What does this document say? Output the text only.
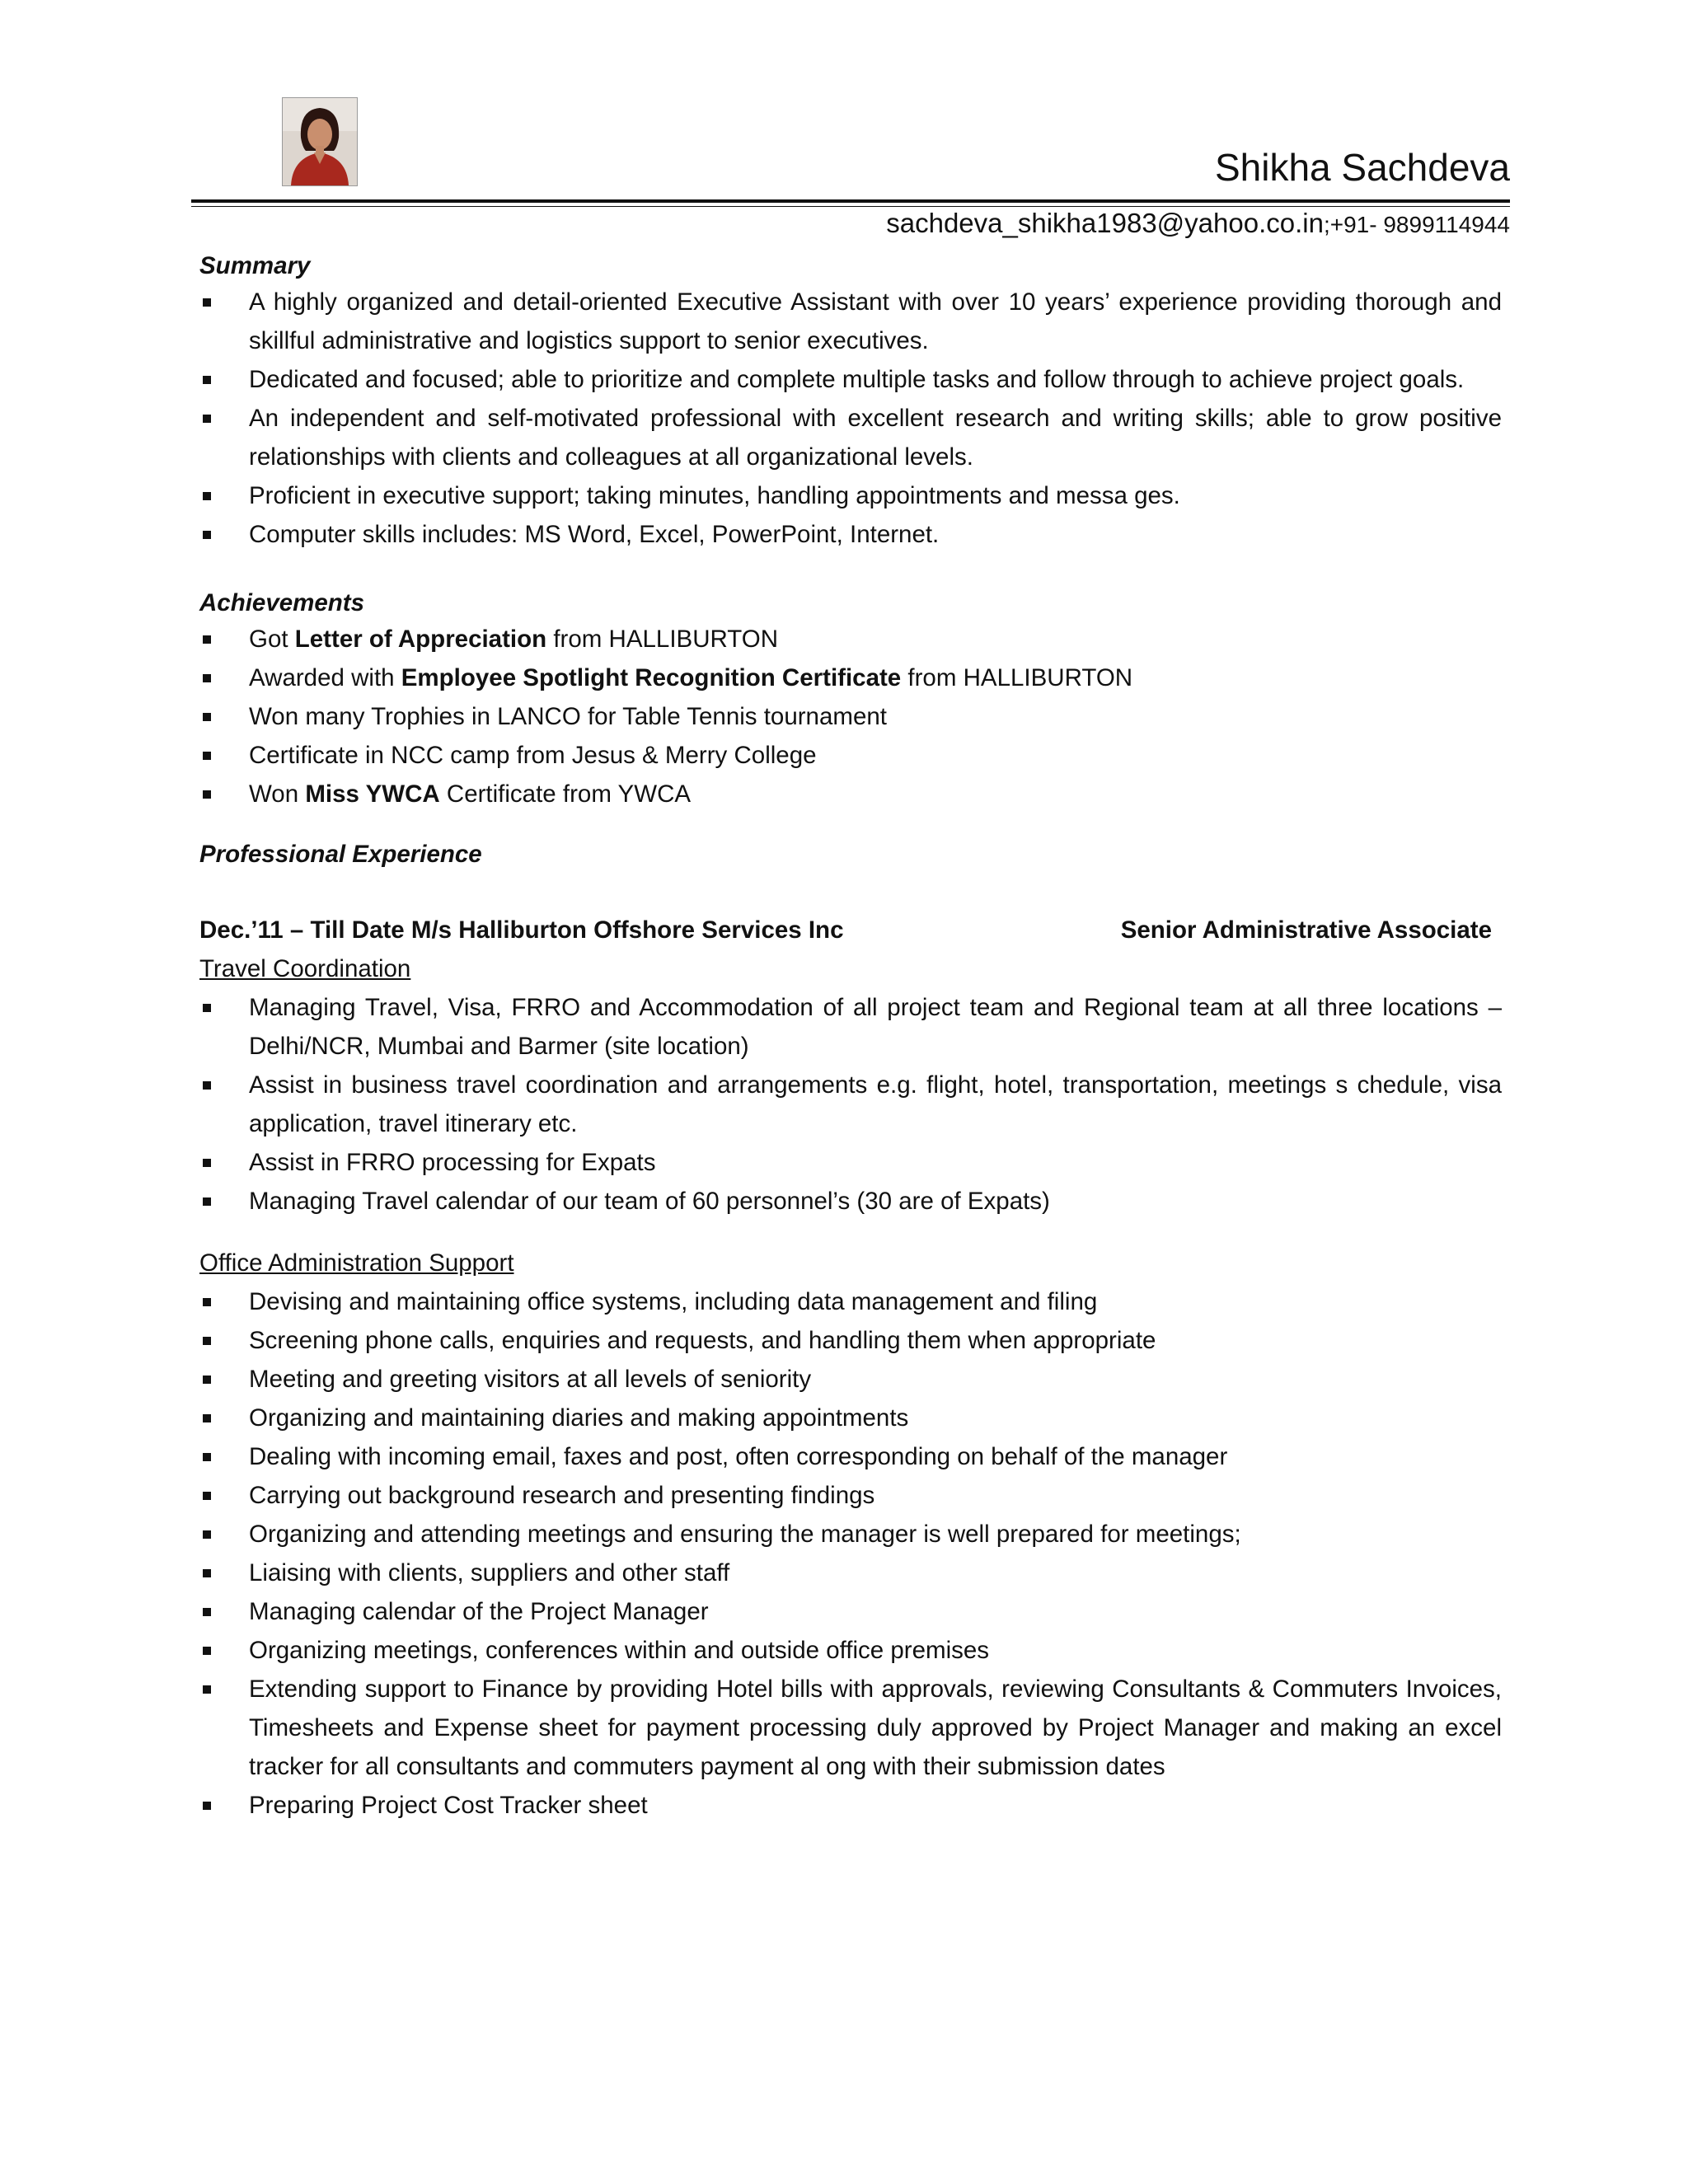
Shikha Sachdeva
sachdeva_shikha1983@yahoo.co.in;+91- 9899114944

Summary

A highly organized and detail-oriented Executive Assistant with over 10 years’ experience providing thorough and skillful administrative and logistics support to senior executives.
Dedicated and focused; able to prioritize and complete multiple tasks and follow through to achieve project goals.
An independent and self-motivated professional with excellent research and writing skills; able to grow positive relationships with clients and colleagues at all organizational levels.
Proficient in executive support; taking minutes, handling appointments and messa ges.
Computer skills includes: MS Word, Excel, PowerPoint, Internet.

Achievements

Got Letter of Appreciation from HALLIBURTON
Awarded with Employee Spotlight Recognition Certificate from HALLIBURTON
Won many Trophies in LANCO for Table Tennis tournament
Certificate in NCC camp from Jesus & Merry College
Won Miss YWCA Certificate from YWCA

Professional Experience

Dec.’11 – Till Date M/s Halliburton Offshore Services Inc	Senior Administrative Associate

Travel Coordination

Managing Travel, Visa, FRRO and Accommodation of all project team and Regional team at all three locations – Delhi/NCR, Mumbai and Barmer (site location)
Assist in business travel coordination and arrangements e.g. flight, hotel, transportation, meetings s chedule, visa application, travel itinerary etc.
Assist in FRRO processing for Expats
Managing Travel calendar of our team of 60 personnel’s (30 are of Expats)

Office Administration Support

Devising and maintaining office systems, including data management and filing
Screening phone calls, enquiries and requests, and handling them when appropriate
Meeting and greeting visitors at all levels of seniority
Organizing and maintaining diaries and making appointments
Dealing with incoming email, faxes and post, often corresponding on behalf of the manager
Carrying out background research and presenting findings
Organizing and attending meetings and ensuring the manager is well prepared for meetings;
Liaising with clients, suppliers and other staff
Managing calendar of the Project Manager
Organizing meetings, conferences within and outside office premises
Extending support to Finance by providing Hotel bills with approvals, reviewing Consultants & Commuters Invoices, Timesheets and Expense sheet for payment processing duly approved by Project Manager and making an excel tracker for all consultants and commuters payment al ong with their submission dates
Preparing Project Cost Tracker sheet
